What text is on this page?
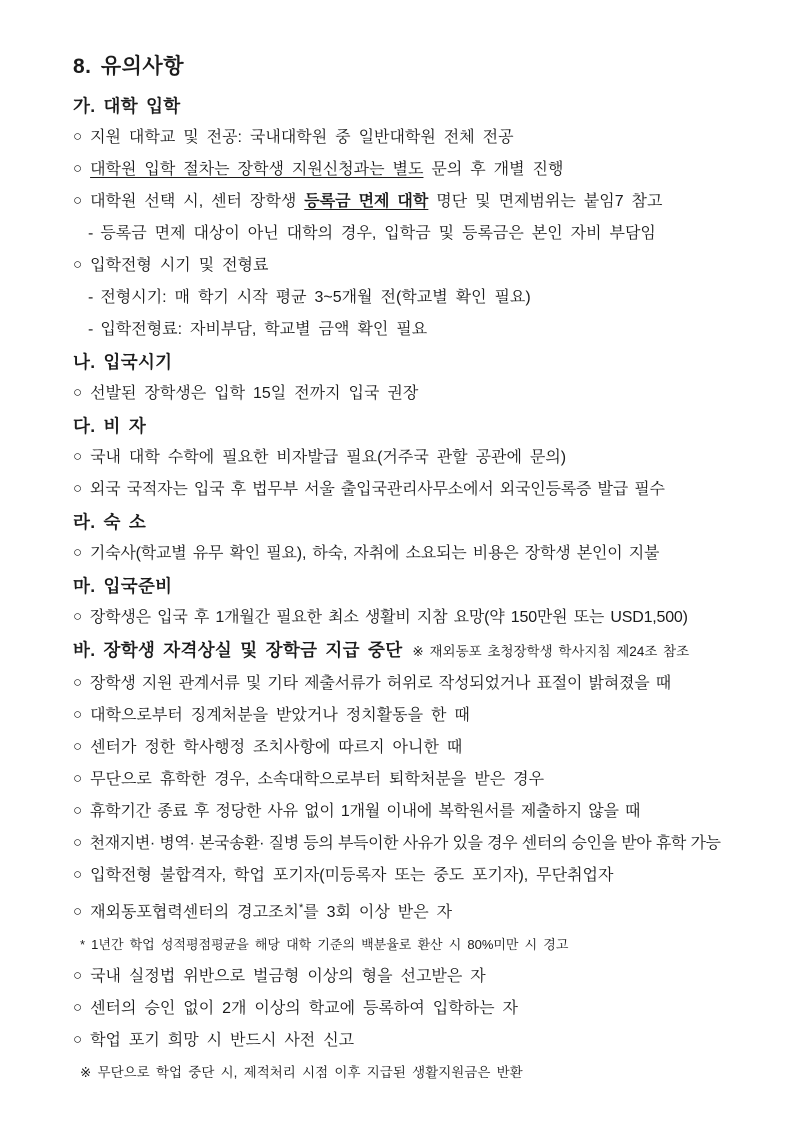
8. 유의사항
가. 대학 입학
○ 지원 대학교 및 전공: 국내대학원 중 일반대학원 전체 전공
○ 대학원 입학 절차는 장학생 지원신청과는 별도 문의 후 개별 진행
○ 대학원 선택 시, 센터 장학생 등록금 면제 대학 명단 및 면제범위는 붙임7 참고
- 등록금 면제 대상이 아닌 대학의 경우, 입학금 및 등록금은 본인 자비 부담임
○ 입학전형 시기 및 전형료
- 전형시기: 매 학기 시작 평균 3~5개월 전(학교별 확인 필요)
- 입학전형료: 자비부담, 학교별 금액 확인 필요
나. 입국시기
○ 선발된 장학생은 입학 15일 전까지 입국 권장
다. 비 자
○ 국내 대학 수학에 필요한 비자발급 필요(거주국 관할 공관에 문의)
○ 외국 국적자는 입국 후 법무부 서울 출입국관리사무소에서 외국인등록증 발급 필수
라. 숙 소
○ 기숙사(학교별 유무 확인 필요), 하숙, 자취에 소요되는 비용은 장학생 본인이 지불
마. 입국준비
○ 장학생은 입국 후 1개월간 필요한 최소 생활비 지참 요망(약 150만원 또는 USD1,500)
바. 장학생 자격상실 및 장학금 지급 중단 ※ 재외동포 초청장학생 학사지침 제24조 참조
○ 장학생 지원 관계서류 및 기타 제출서류가 허위로 작성되었거나 표절이 밝혀졌을 때
○ 대학으로부터 징계처분을 받았거나 정치활동을 한 때
○ 센터가 정한 학사행정 조치사항에 따르지 아니한 때
○ 무단으로 휴학한 경우, 소속대학으로부터 퇴학처분을 받은 경우
○ 휴학기간 종료 후 정당한 사유 없이 1개월 이내에 복학원서를 제출하지 않을 때
○ 천재지변· 병역· 본국송환· 질병 등의 부득이한 사유가 있을 경우 센터의 승인을 받아 휴학 가능
○ 입학전형 불합격자, 학업 포기자(미등록자 또는 중도 포기자), 무단취업자
○ 재외동포협력센터의 경고조치*를 3회 이상 받은 자
* 1년간 학업 성적평점평균을 해당 대학 기준의 백분율로 환산 시 80%미만 시 경고
○ 국내 실정법 위반으로 벌금형 이상의 형을 선고받은 자
○ 센터의 승인 없이 2개 이상의 학교에 등록하여 입학하는 자
○ 학업 포기 희망 시 반드시 사전 신고
※ 무단으로 학업 중단 시, 제적처리 시점 이후 지급된 생활지원금은 반환
